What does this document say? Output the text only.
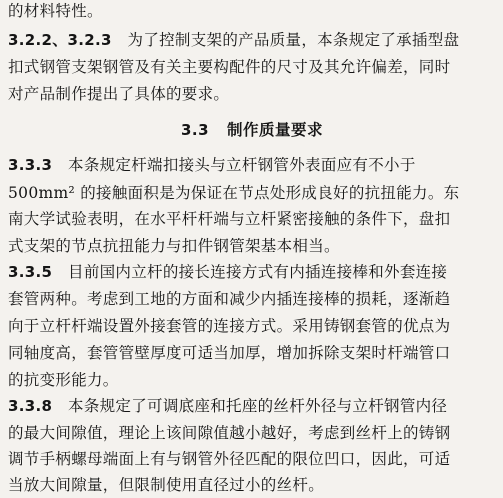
的材料特性。
3.2.2、3.2.3　为了控制支架的产品质量，本条规定了承插型盘
扣式钢管支架钢管及有关主要构配件的尺寸及其允许偏差，同时
对产品制作提出了具体的要求。
3.3 制作质量要求
3.3.3　本条规定杆端扣接头与立杆钢管外表面应有不小于
500mm² 的接触面积是为保证在节点处形成良好的抗扭能力。东
南大学试验表明，在水平杆杆端与立杆紧密接触的条件下，盘扣
式支架的节点抗扭能力与扣件钢管架基本相当。
3.3.5　目前国内立杆的接长连接方式有内插连接棒和外套连接
套管两种。考虑到工地的方面和减少内插连接棒的损耗，逐渐趋
向于立杆杆端设置外接套管的连接方式。采用铸钢套管的优点为
同轴度高，套管管壁厚度可适当加厚，增加拆除支架时杆端管口
的抗变形能力。
3.3.8　本条规定了可调底座和托座的丝杆外径与立杆钢管内径
的最大间隙值，理论上该间隙值越小越好，考虑到丝杆上的铸钢
调节手柄螺母端面上有与钢管外径匹配的限位凹口，因此，可适
当放大间隙量，但限制使用直径过小的丝杆。
